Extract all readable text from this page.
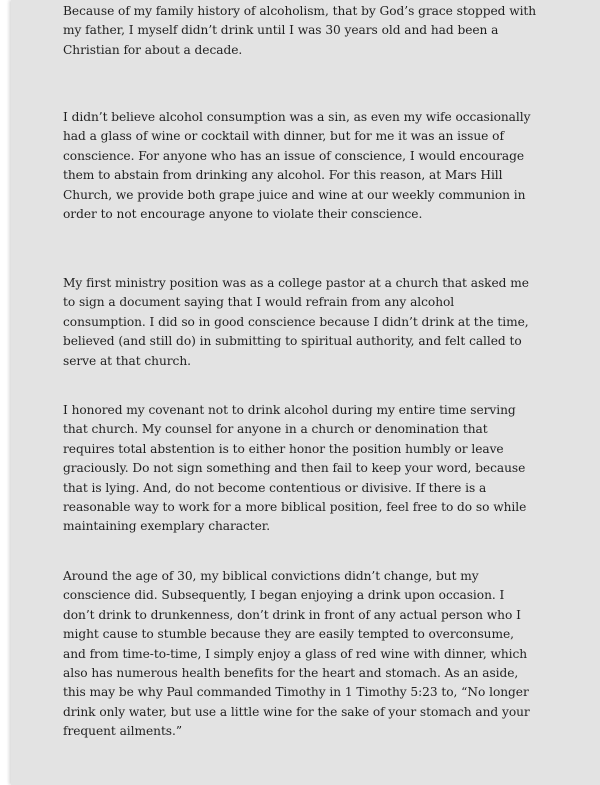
Because of my family history of alcoholism, that by God’s grace stopped with my father, I myself didn’t drink until I was 30 years old and had been a Christian for about a decade.

I didn’t believe alcohol consumption was a sin, as even my wife occasionally had a glass of wine or cocktail with dinner, but for me it was an issue of conscience. For anyone who has an issue of conscience, I would encourage them to abstain from drinking any alcohol. For this reason, at Mars Hill Church, we provide both grape juice and wine at our weekly communion in order to not encourage anyone to violate their conscience.

My first ministry position was as a college pastor at a church that asked me to sign a document saying that I would refrain from any alcohol consumption. I did so in good conscience because I didn’t drink at the time, believed (and still do) in submitting to spiritual authority, and felt called to serve at that church.

I honored my covenant not to drink alcohol during my entire time serving that church. My counsel for anyone in a church or denomination that requires total abstention is to either honor the position humbly or leave graciously. Do not sign something and then fail to keep your word, because that is lying. And, do not become contentious or divisive. If there is a reasonable way to work for a more biblical position, feel free to do so while maintaining exemplary character.

Around the age of 30, my biblical convictions didn’t change, but my conscience did. Subsequently, I began enjoying a drink upon occasion. I don’t drink to drunkenness, don’t drink in front of any actual person who I might cause to stumble because they are easily tempted to overconsume, and from time-to-time, I simply enjoy a glass of red wine with dinner, which also has numerous health benefits for the heart and stomach. As an aside, this may be why Paul commanded Timothy in 1 Timothy 5:23 to, “No longer drink only water, but use a little wine for the sake of your stomach and your frequent ailments.”
